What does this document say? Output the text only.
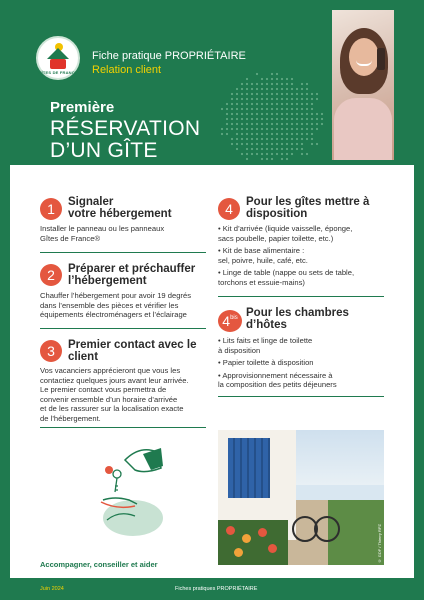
GÎTES DE FRANCE
Fiche pratique PROPRIÉTAIRE
Relation client
Première
RÉSERVATION
D’UN GÎTE
1	Signaler
votre hébergement
Installer le panneau ou les panneaux
Gîtes de France®
2	Préparer et préchauffer
l’hébergement
Chauffer l’hébergement pour avoir 19 degrés
dans l’ensemble des pièces et vérifier les
équipements électroménagers et l’éclairage
3	Premier contact avec le
client
Vos vacanciers apprécieront que vous les
contactiez quelques jours avant leur arrivée.
Le premier contact vous permettra de
convenir ensemble d’un horaire d’arrivée
et de les rassurer sur la localisation exacte
de l’hébergement.
4	Pour les gîtes mettre à
disposition
• Kit d’arrivée (liquide vaisselle, éponge,
sacs poubelle, papier toilette, etc.)
• Kit de base alimentaire :
sel, poivre, huile, café, etc.
• Linge de table (nappe ou sets de table,
torchons et essuie-mains)
$4^{bis}$ Pour les chambres
d’hôtes
• Lits faits et linge de toilette
à disposition
• Papier toilette à disposition
• Approvisionnement nécessaire à
la composition des petits déjeuners
Accompagner, conseiller et aider
© GDF / Thierry RPZ
Juin 2024	Fiches pratiques PROPRIÉTAIRE
